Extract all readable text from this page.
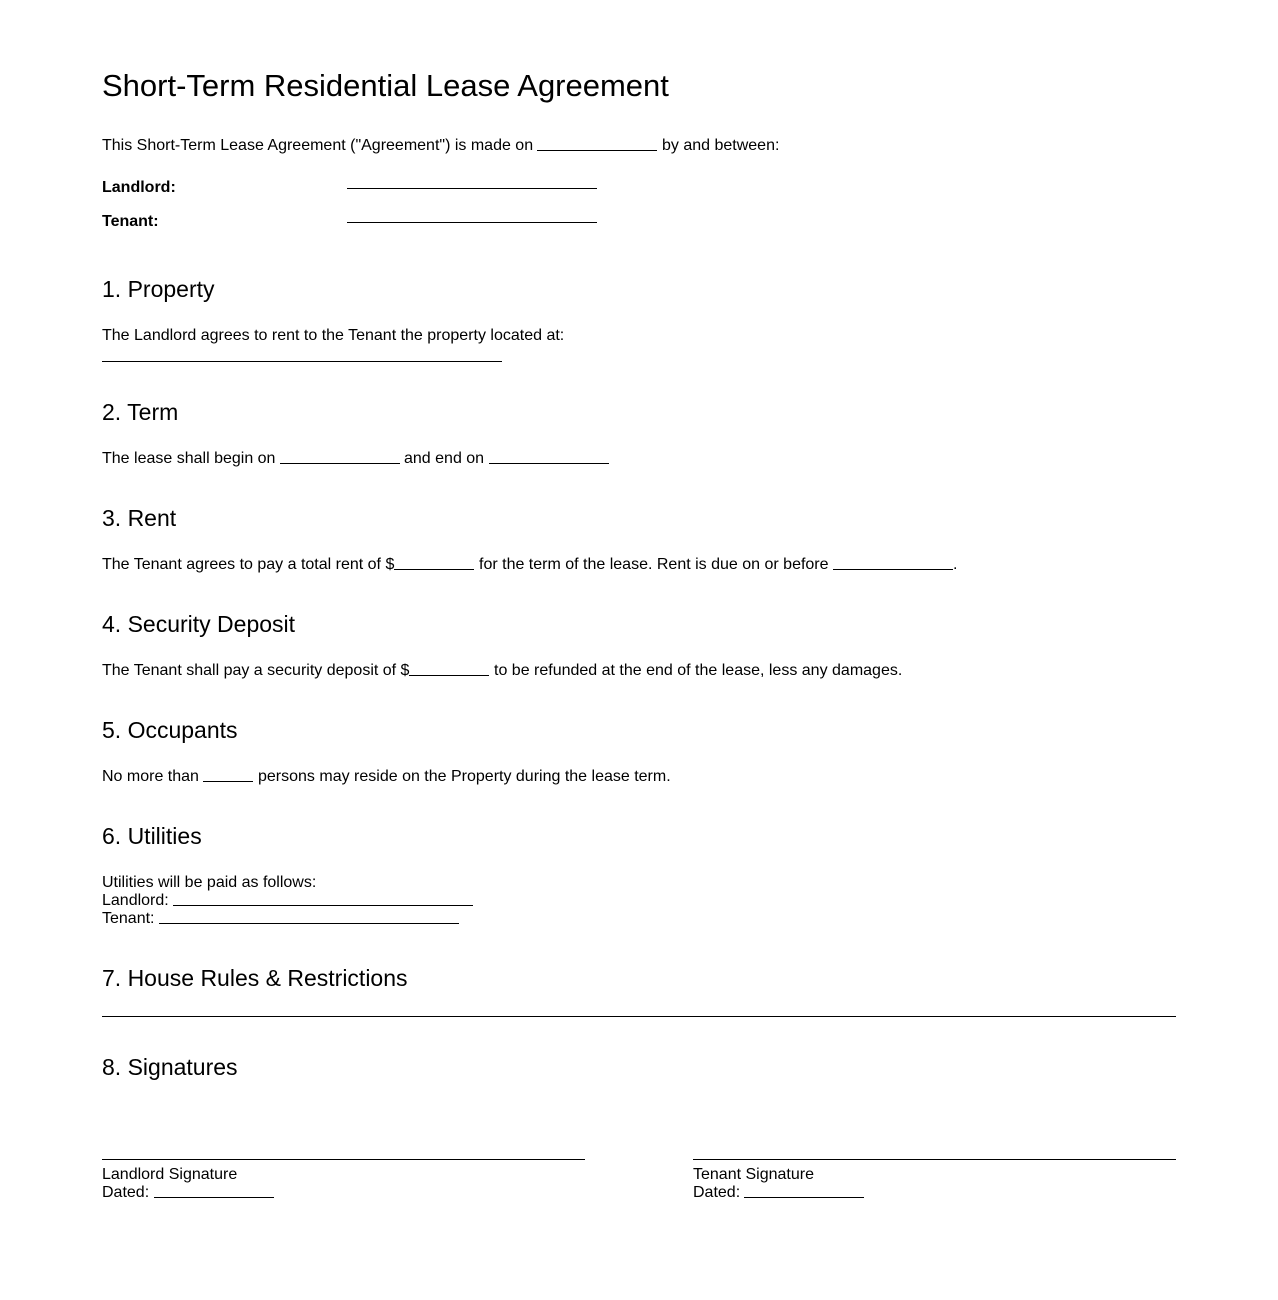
Short-Term Residential Lease Agreement
This Short-Term Lease Agreement ("Agreement") is made on	by and between:
Landlord:
Tenant:
1. Property
The Landlord agrees to rent to the Tenant the property located at:
2. Term
The lease shall begin on	and end on
3. Rent
The Tenant agrees to pay a total rent of $	for the term of the lease. Rent is due on or before	.
4. Security Deposit
The Tenant shall pay a security deposit of $	to be refunded at the end of the lease, less any damages.
5. Occupants
No more than	persons may reside on the Property during the lease term.
6. Utilities
Utilities will be paid as follows:
Landlord:
Tenant:
7. House Rules & Restrictions
8. Signatures
Landlord Signature
Dated:
Tenant Signature
Dated:
